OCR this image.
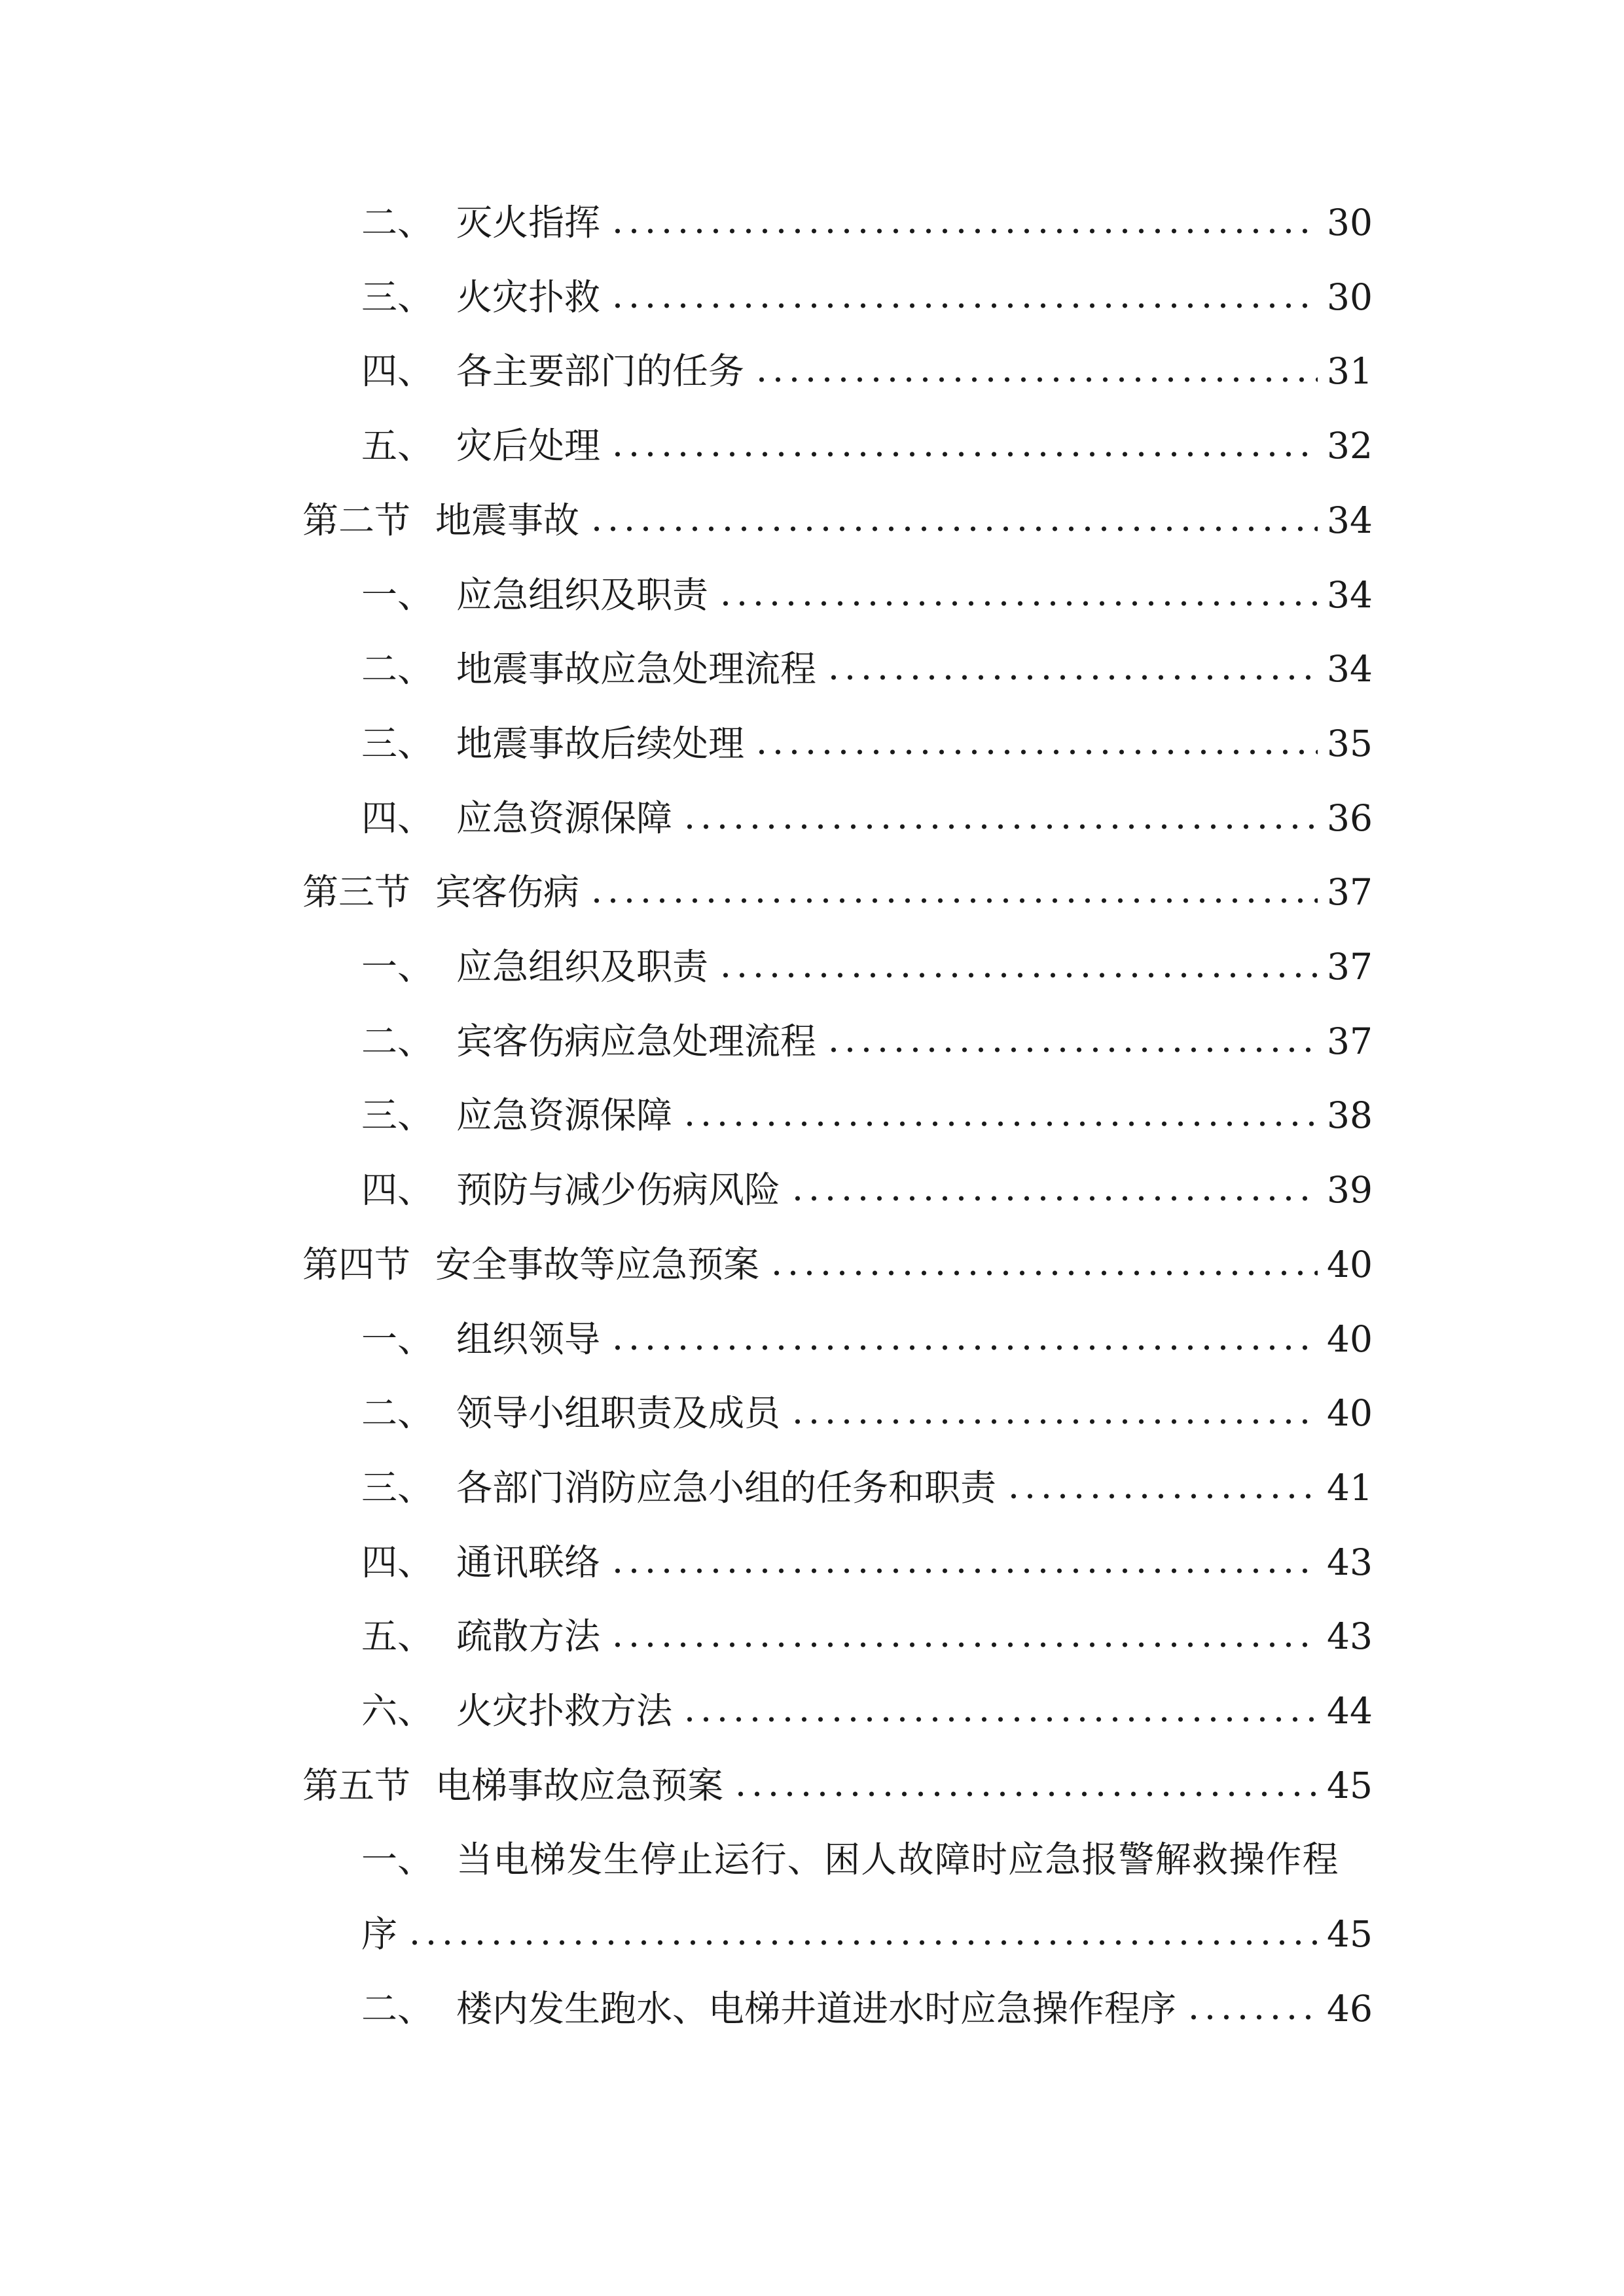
二、 灭火指挥	30
三、 火灾扑救	30
四、 各主要部门的任务	31
五、 灾后处理	32
第二节 地震事故	34
一、 应急组织及职责	34
二、 地震事故应急处理流程	34
三、 地震事故后续处理	35
四、 应急资源保障	36
第三节 宾客伤病	37
一、 应急组织及职责	37
二、 宾客伤病应急处理流程	37
三、 应急资源保障	38
四、 预防与减少伤病风险	39
第四节 安全事故等应急预案	40
一、 组织领导	40
二、 领导小组职责及成员	40
三、 各部门消防应急小组的任务和职责	41
四、 通讯联络	43
五、 疏散方法	43
六、 火灾扑救方法	44
第五节 电梯事故应急预案	45
一、 当电梯发生停止运行、困人故障时应急报警解救操作程
序	45
二、 楼内发生跑水、电梯井道进水时应急操作程序	46
